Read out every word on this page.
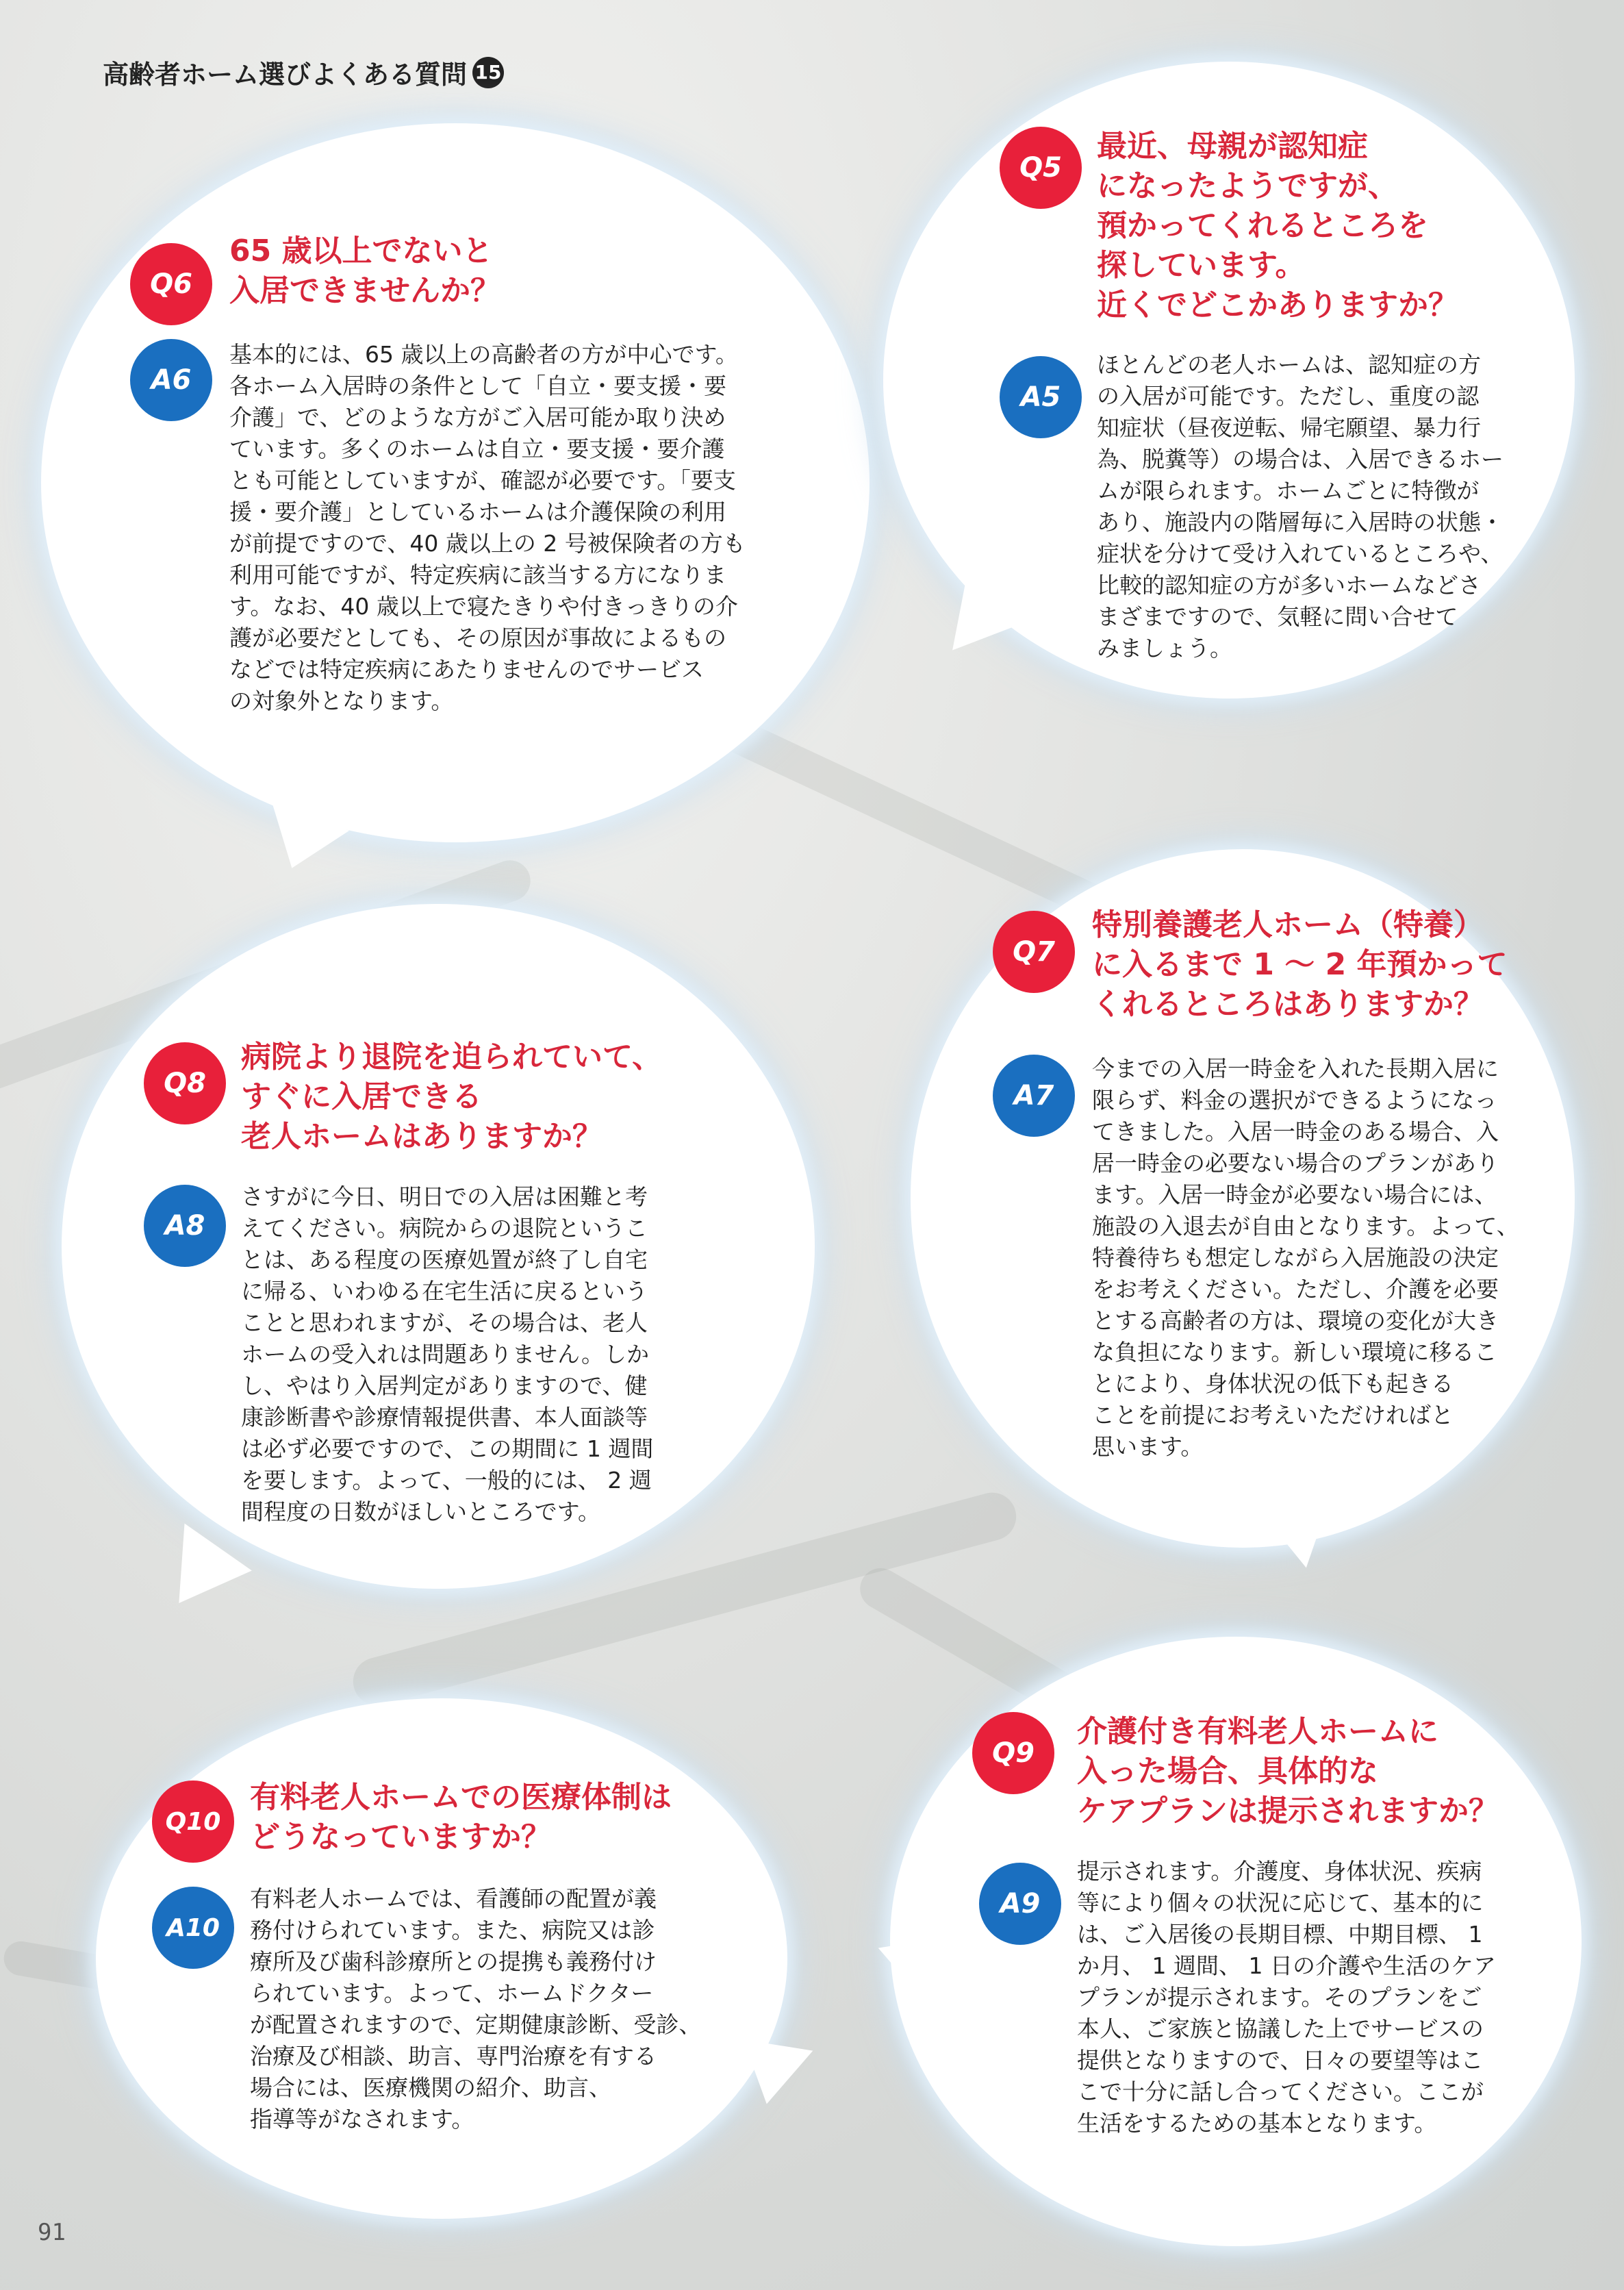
高齢者ホーム選びよくある質問 15
Q6
65 歳以上でないと
入居できませんか？
A6
基本的には、65 歳以上の高齢者の方が中心です。
各ホーム入居時の条件として「自立・要支援・要
介護」で、どのような方がご入居可能か取り決め
ています。多くのホームは自立・要支援・要介護
とも可能としていますが、確認が必要です。「要支
援・要介護」としているホームは介護保険の利用
が前提ですので、40 歳以上の 2 号被保険者の方も
利用可能ですが、特定疾病に該当する方になりま
す。なお、40 歳以上で寝たきりや付きっきりの介
護が必要だとしても、その原因が事故によるもの
などでは特定疾病にあたりませんのでサービス
の対象外となります。
Q5
最近、母親が認知症
になったようですが、
預かってくれるところを
探しています。
近くでどこかありますか？
A5
ほとんどの老人ホームは、認知症の方
の入居が可能です。ただし、重度の認
知症状（昼夜逆転、帰宅願望、暴力行
為、脱糞等）の場合は、入居できるホー
ムが限られます。ホームごとに特徴が
あり、施設内の階層毎に入居時の状態・
症状を分けて受け入れているところや、
比較的認知症の方が多いホームなどさ
まざまですので、気軽に問い合せて
みましょう。
Q7
特別養護老人ホーム（特養）
に入るまで 1 ～ 2 年預かって
くれるところはありますか？
A7
今までの入居一時金を入れた長期入居に
限らず、料金の選択ができるようになっ
てきました。入居一時金のある場合、入
居一時金の必要ない場合のプランがあり
ます。入居一時金が必要ない場合には、
施設の入退去が自由となります。よって、
特養待ちも想定しながら入居施設の決定
をお考えください。ただし、介護を必要
とする高齢者の方は、環境の変化が大き
な負担になります。新しい環境に移るこ
とにより、身体状況の低下も起きる
ことを前提にお考えいただければと
思います。
Q8
病院より退院を迫られていて、
すぐに入居できる
老人ホームはありますか？
A8
さすがに今日、明日での入居は困難と考
えてください。病院からの退院というこ
とは、ある程度の医療処置が終了し自宅
に帰る、いわゆる在宅生活に戻るという
ことと思われますが、その場合は、老人
ホームの受入れは問題ありません。しか
し、やはり入居判定がありますので、健
康診断書や診療情報提供書、本人面談等
は必ず必要ですので、この期間に 1 週間
を要します。よって、一般的には、 2 週
間程度の日数がほしいところです。
Q9
介護付き有料老人ホームに
入った場合、具体的な
ケアプランは提示されますか？
A9
提示されます。介護度、身体状況、疾病
等により個々の状況に応じて、基本的に
は、ご入居後の長期目標、中期目標、 1
か月、 1 週間、 1 日の介護や生活のケア
プランが提示されます。そのプランをご
本人、ご家族と協議した上でサービスの
提供となりますので、日々の要望等はこ
こで十分に話し合ってください。ここが
生活をするための基本となります。
Q10
有料老人ホームでの医療体制は
どうなっていますか？
A10
有料老人ホームでは、看護師の配置が義
務付けられています。また、病院又は診
療所及び歯科診療所との提携も義務付け
られています。よって、ホームドクター
が配置されますので、定期健康診断、受診、
治療及び相談、助言、専門治療を有する
場合には、医療機関の紹介、助言、
指導等がなされます。
91
